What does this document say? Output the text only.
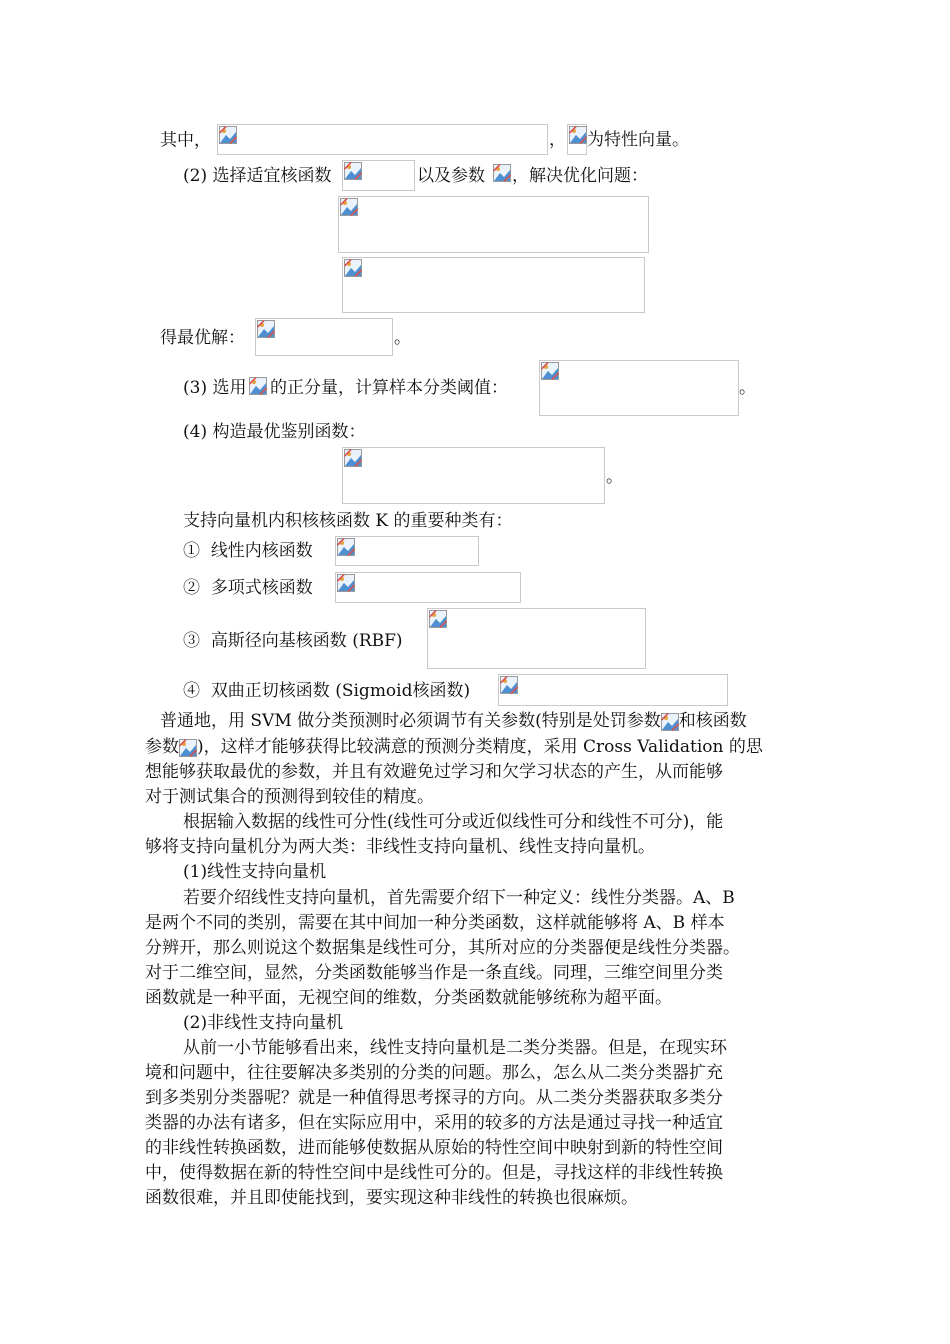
其中，	， 为特性向量。
(2) 选择适宜核函数	以及参数 ，解决优化问题：
得最优解：	。
(3) 选用 的正分量，计算样本分类阈值：	。
(4) 构造最优鉴别函数：
。
支持向量机内积核核函数 K 的重要种类有：
① 线性内核函数
② 多项式核函数
③ 高斯径向基核函数 (RBF)
④ 双曲正切核函数 (Sigmoid核函数)
普通地，用 SVM 做分类预测时必须调节有关参数(特别是处罚参数 和核函数
参数 )，这样才能够获得比较满意的预测分类精度，采用 Cross Validation 的思
想能够获取最优的参数，并且有效避免过学习和欠学习状态的产生，从而能够
对于测试集合的预测得到较佳的精度。
根据输入数据的线性可分性(线性可分或近似线性可分和线性不可分)，能
够将支持向量机分为两大类：非线性支持向量机、线性支持向量机。
(1)线性支持向量机
若要介绍线性支持向量机，首先需要介绍下一种定义：线性分类器。A、B
是两个不同的类别，需要在其中间加一种分类函数，这样就能够将 A、B 样本
分辨开，那么则说这个数据集是线性可分，其所对应的分类器便是线性分类器。
对于二维空间，显然，分类函数能够当作是一条直线。同理，三维空间里分类
函数就是一种平面，无视空间的维数，分类函数就能够统称为超平面。
(2)非线性支持向量机
从前一小节能够看出来，线性支持向量机是二类分类器。但是，在现实环
境和问题中，往往要解决多类别的分类的问题。那么，怎么从二类分类器扩充
到多类别分类器呢？就是一种值得思考探寻的方向。从二类分类器获取多类分
类器的办法有诸多，但在实际应用中，采用的较多的方法是通过寻找一种适宜
的非线性转换函数，进而能够使数据从原始的特性空间中映射到新的特性空间
中，使得数据在新的特性空间中是线性可分的。但是，寻找这样的非线性转换
函数很难，并且即使能找到，要实现这种非线性的转换也很麻烦。
